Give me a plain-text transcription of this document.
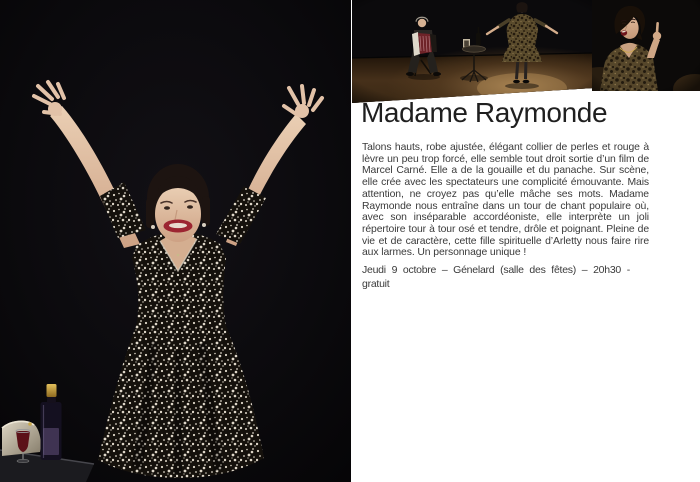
Madame Raymonde

Talons hauts, robe ajustée, élégant collier de perles et rouge à lèvre un peu trop forcé, elle semble tout droit sortie d’un film de Marcel Carné. Elle a de la gouaille et du panache. Sur scène, elle crée avec les spectateurs une complicité émouvante. Mais attention, ne croyez pas qu’elle mâche ses mots. Madame Raymonde nous entraîne dans un tour de chant populaire où, avec son inséparable accordéoniste, elle interprète un joli répertoire tour à tour osé et tendre, drôle et poignant. Pleine de vie et de caractère, cette fille spirituelle d’Arletty nous faire rire aux larmes. Un personnage unique !

Jeudi 9 octobre – Génelard (salle des fêtes) – 20h30 -
gratuit
